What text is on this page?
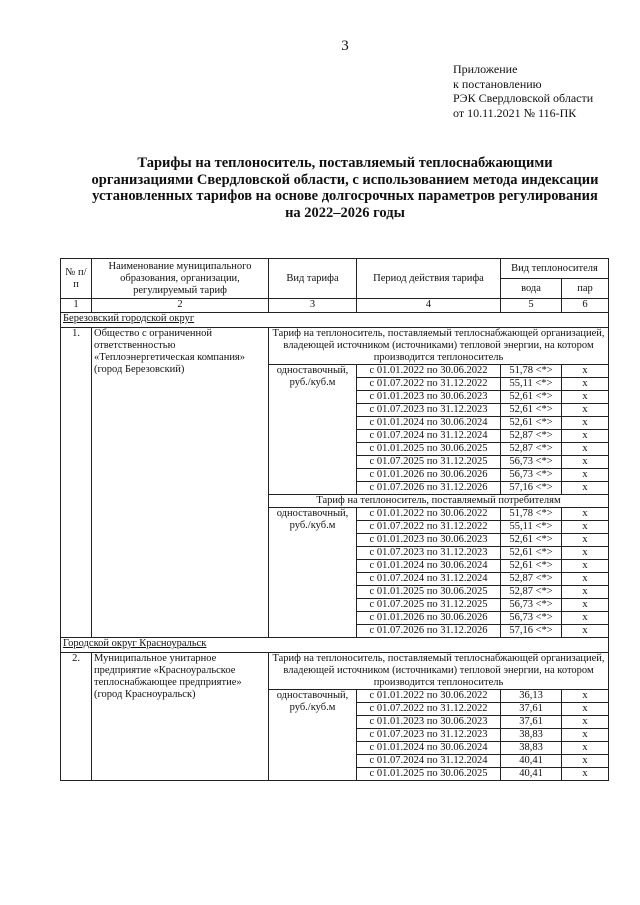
3
Приложение
к постановлению
РЭК Свердловской области
от 10.11.2021 № 116-ПК
Тарифы на теплоноситель, поставляемый теплоснабжающими
организациями Свердловской области, с использованием метода индексации
установленных тарифов на основе долгосрочных параметров регулирования
на 2022–2026 годы
№ п/п	Наименование муниципального образования, организации, регулируемый тариф	Вид тарифа	Период действия тарифа	Вид теплоносителя	
				вода	пар
1	2	3	4	5	6
Березовский городской округ					
1.	Общество с ограниченной ответственностью «Теплоэнергетическая компания» (город Березовский)	Тариф на теплоноситель, поставляемый теплоснабжающей организацией, владеющей источником (источниками) тепловой энергии, на котором производится теплоноситель			
		одноставочный, руб./куб.м	с 01.01.2022 по 30.06.2022	51,78 <*>	x
			с 01.07.2022 по 31.12.2022	55,11 <*>	x
			с 01.01.2023 по 30.06.2023	52,61 <*>	x
			с 01.07.2023 по 31.12.2023	52,61 <*>	x
			с 01.01.2024 по 30.06.2024	52,61 <*>	x
			с 01.07.2024 по 31.12.2024	52,87 <*>	x
			с 01.01.2025 по 30.06.2025	52,87 <*>	x
			с 01.07.2025 по 31.12.2025	56,73 <*>	x
			с 01.01.2026 по 30.06.2026	56,73 <*>	x
			с 01.07.2026 по 31.12.2026	57,16 <*>	x
		Тариф на теплоноситель, поставляемый потребителям			
		одноставочный, руб./куб.м	с 01.01.2022 по 30.06.2022	51,78 <*>	x
			с 01.07.2022 по 31.12.2022	55,11 <*>	x
			с 01.01.2023 по 30.06.2023	52,61 <*>	x
			с 01.07.2023 по 31.12.2023	52,61 <*>	x
			с 01.01.2024 по 30.06.2024	52,61 <*>	x
			с 01.07.2024 по 31.12.2024	52,87 <*>	x
			с 01.01.2025 по 30.06.2025	52,87 <*>	x
			с 01.07.2025 по 31.12.2025	56,73 <*>	x
			с 01.01.2026 по 30.06.2026	56,73 <*>	x
			с 01.07.2026 по 31.12.2026	57,16 <*>	x
Городской округ Красноуральск					
2.	Муниципальное унитарное предприятие «Красноуральское теплоснабжающее предприятие» (город Красноуральск)	Тариф на теплоноситель, поставляемый теплоснабжающей организацией, владеющей источником (источниками) тепловой энергии, на котором производится теплоноситель			
		одноставочный, руб./куб.м	с 01.01.2022 по 30.06.2022	36,13	x
			с 01.07.2022 по 31.12.2022	37,61	x
			с 01.01.2023 по 30.06.2023	37,61	x
			с 01.07.2023 по 31.12.2023	38,83	x
			с 01.01.2024 по 30.06.2024	38,83	x
			с 01.07.2024 по 31.12.2024	40,41	x
			с 01.01.2025 по 30.06.2025	40,41	x
